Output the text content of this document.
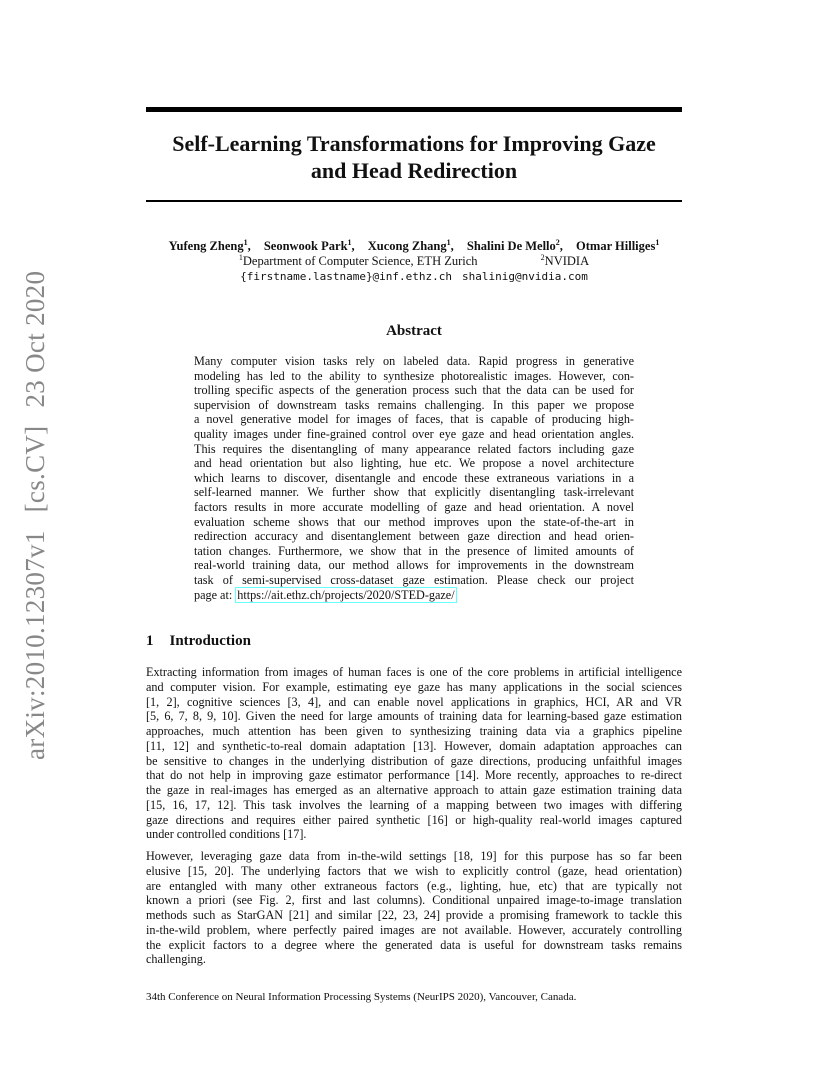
arXiv:2010.12307v1[cs.CV]23 Oct 2020
Self-Learning Transformations for Improving Gaze
and Head Redirection
Yufeng Zheng$^1$, Seonwook Park$^1$, Xucong Zhang$^1$, Shalini De Mello$^2$, Otmar Hilliges$^1$
$^1$Department of Computer Science, ETH Zurich	$^2$NVIDIA
{firstname.lastname}@inf.ethz.ch shalinig@nvidia.com
Abstract
Many computer vision tasks rely on labeled data. Rapid progress in generative
modeling has led to the ability to synthesize photorealistic images. However, con-
trolling specific aspects of the generation process such that the data can be used for
supervision of downstream tasks remains challenging. In this paper we propose
a novel generative model for images of faces, that is capable of producing high-
quality images under fine-grained control over eye gaze and head orientation angles.
This requires the disentangling of many appearance related factors including gaze
and head orientation but also lighting, hue etc. We propose a novel architecture
which learns to discover, disentangle and encode these extraneous variations in a
self-learned manner. We further show that explicitly disentangling task-irrelevant
factors results in more accurate modelling of gaze and head orientation. A novel
evaluation scheme shows that our method improves upon the state-of-the-art in
redirection accuracy and disentanglement between gaze direction and head orien-
tation changes. Furthermore, we show that in the presence of limited amounts of
real-world training data, our method allows for improvements in the downstream
task of semi-supervised cross-dataset gaze estimation. Please check our project
page at: https://ait.ethz.ch/projects/2020/STED-gaze/
1 Introduction
Extracting information from images of human faces is one of the core problems in artificial intelligence
and computer vision. For example, estimating eye gaze has many applications in the social sciences
[1, 2], cognitive sciences [3, 4], and can enable novel applications in graphics, HCI, AR and VR
[5, 6, 7, 8, 9, 10]. Given the need for large amounts of training data for learning-based gaze estimation
approaches, much attention has been given to synthesizing training data via a graphics pipeline
[11, 12] and synthetic-to-real domain adaptation [13]. However, domain adaptation approaches can
be sensitive to changes in the underlying distribution of gaze directions, producing unfaithful images
that do not help in improving gaze estimator performance [14]. More recently, approaches to re-direct
the gaze in real-images has emerged as an alternative approach to attain gaze estimation training data
[15, 16, 17, 12]. This task involves the learning of a mapping between two images with differing
gaze directions and requires either paired synthetic [16] or high-quality real-world images captured
under controlled conditions [17].
However, leveraging gaze data from in-the-wild settings [18, 19] for this purpose has so far been
elusive [15, 20]. The underlying factors that we wish to explicitly control (gaze, head orientation)
are entangled with many other extraneous factors (e.g., lighting, hue, etc) that are typically not
known a priori (see Fig. 2, first and last columns). Conditional unpaired image-to-image translation
methods such as StarGAN [21] and similar [22, 23, 24] provide a promising framework to tackle this
in-the-wild problem, where perfectly paired images are not available. However, accurately controlling
the explicit factors to a degree where the generated data is useful for downstream tasks remains
challenging.
34th Conference on Neural Information Processing Systems (NeurIPS 2020), Vancouver, Canada.
